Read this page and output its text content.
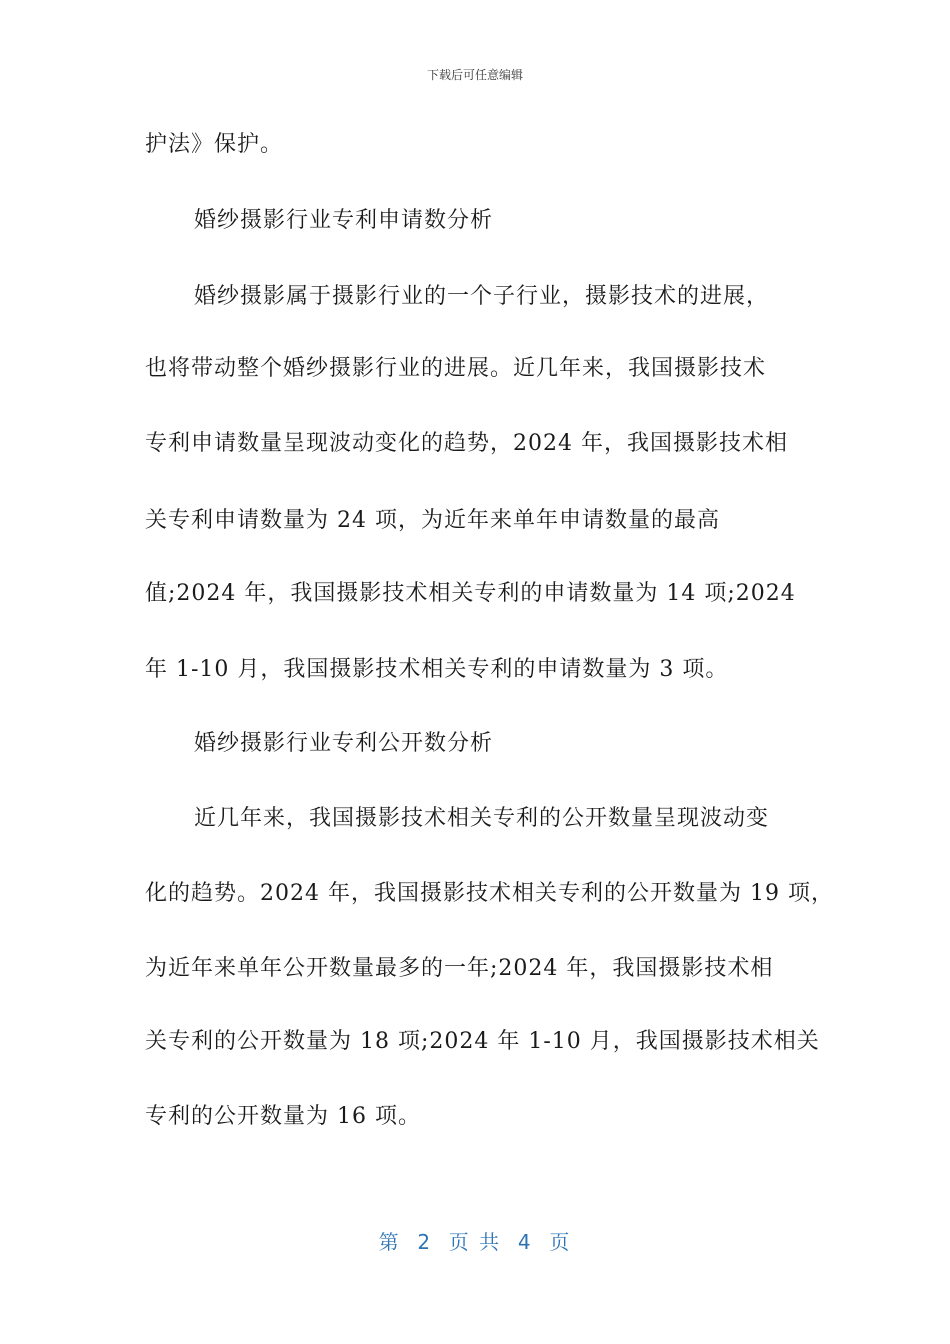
下载后可任意编辑
护法》保护。
婚纱摄影行业专利申请数分析
婚纱摄影属于摄影行业的一个子行业，摄影技术的进展，
也将带动整个婚纱摄影行业的进展。近几年来，我国摄影技术
专利申请数量呈现波动变化的趋势，2024 年，我国摄影技术相
关专利申请数量为 24 项，为近年来单年申请数量的最高
值;2024 年，我国摄影技术相关专利的申请数量为 14 项;2024
年 1-10 月，我国摄影技术相关专利的申请数量为 3 项。
婚纱摄影行业专利公开数分析
近几年来，我国摄影技术相关专利的公开数量呈现波动变
化的趋势。2024 年，我国摄影技术相关专利的公开数量为 19 项，
为近年来单年公开数量最多的一年;2024 年，我国摄影技术相
关专利的公开数量为 18 项;2024 年 1-10 月，我国摄影技术相关
专利的公开数量为 16 项。
第  2  页 共  4  页
